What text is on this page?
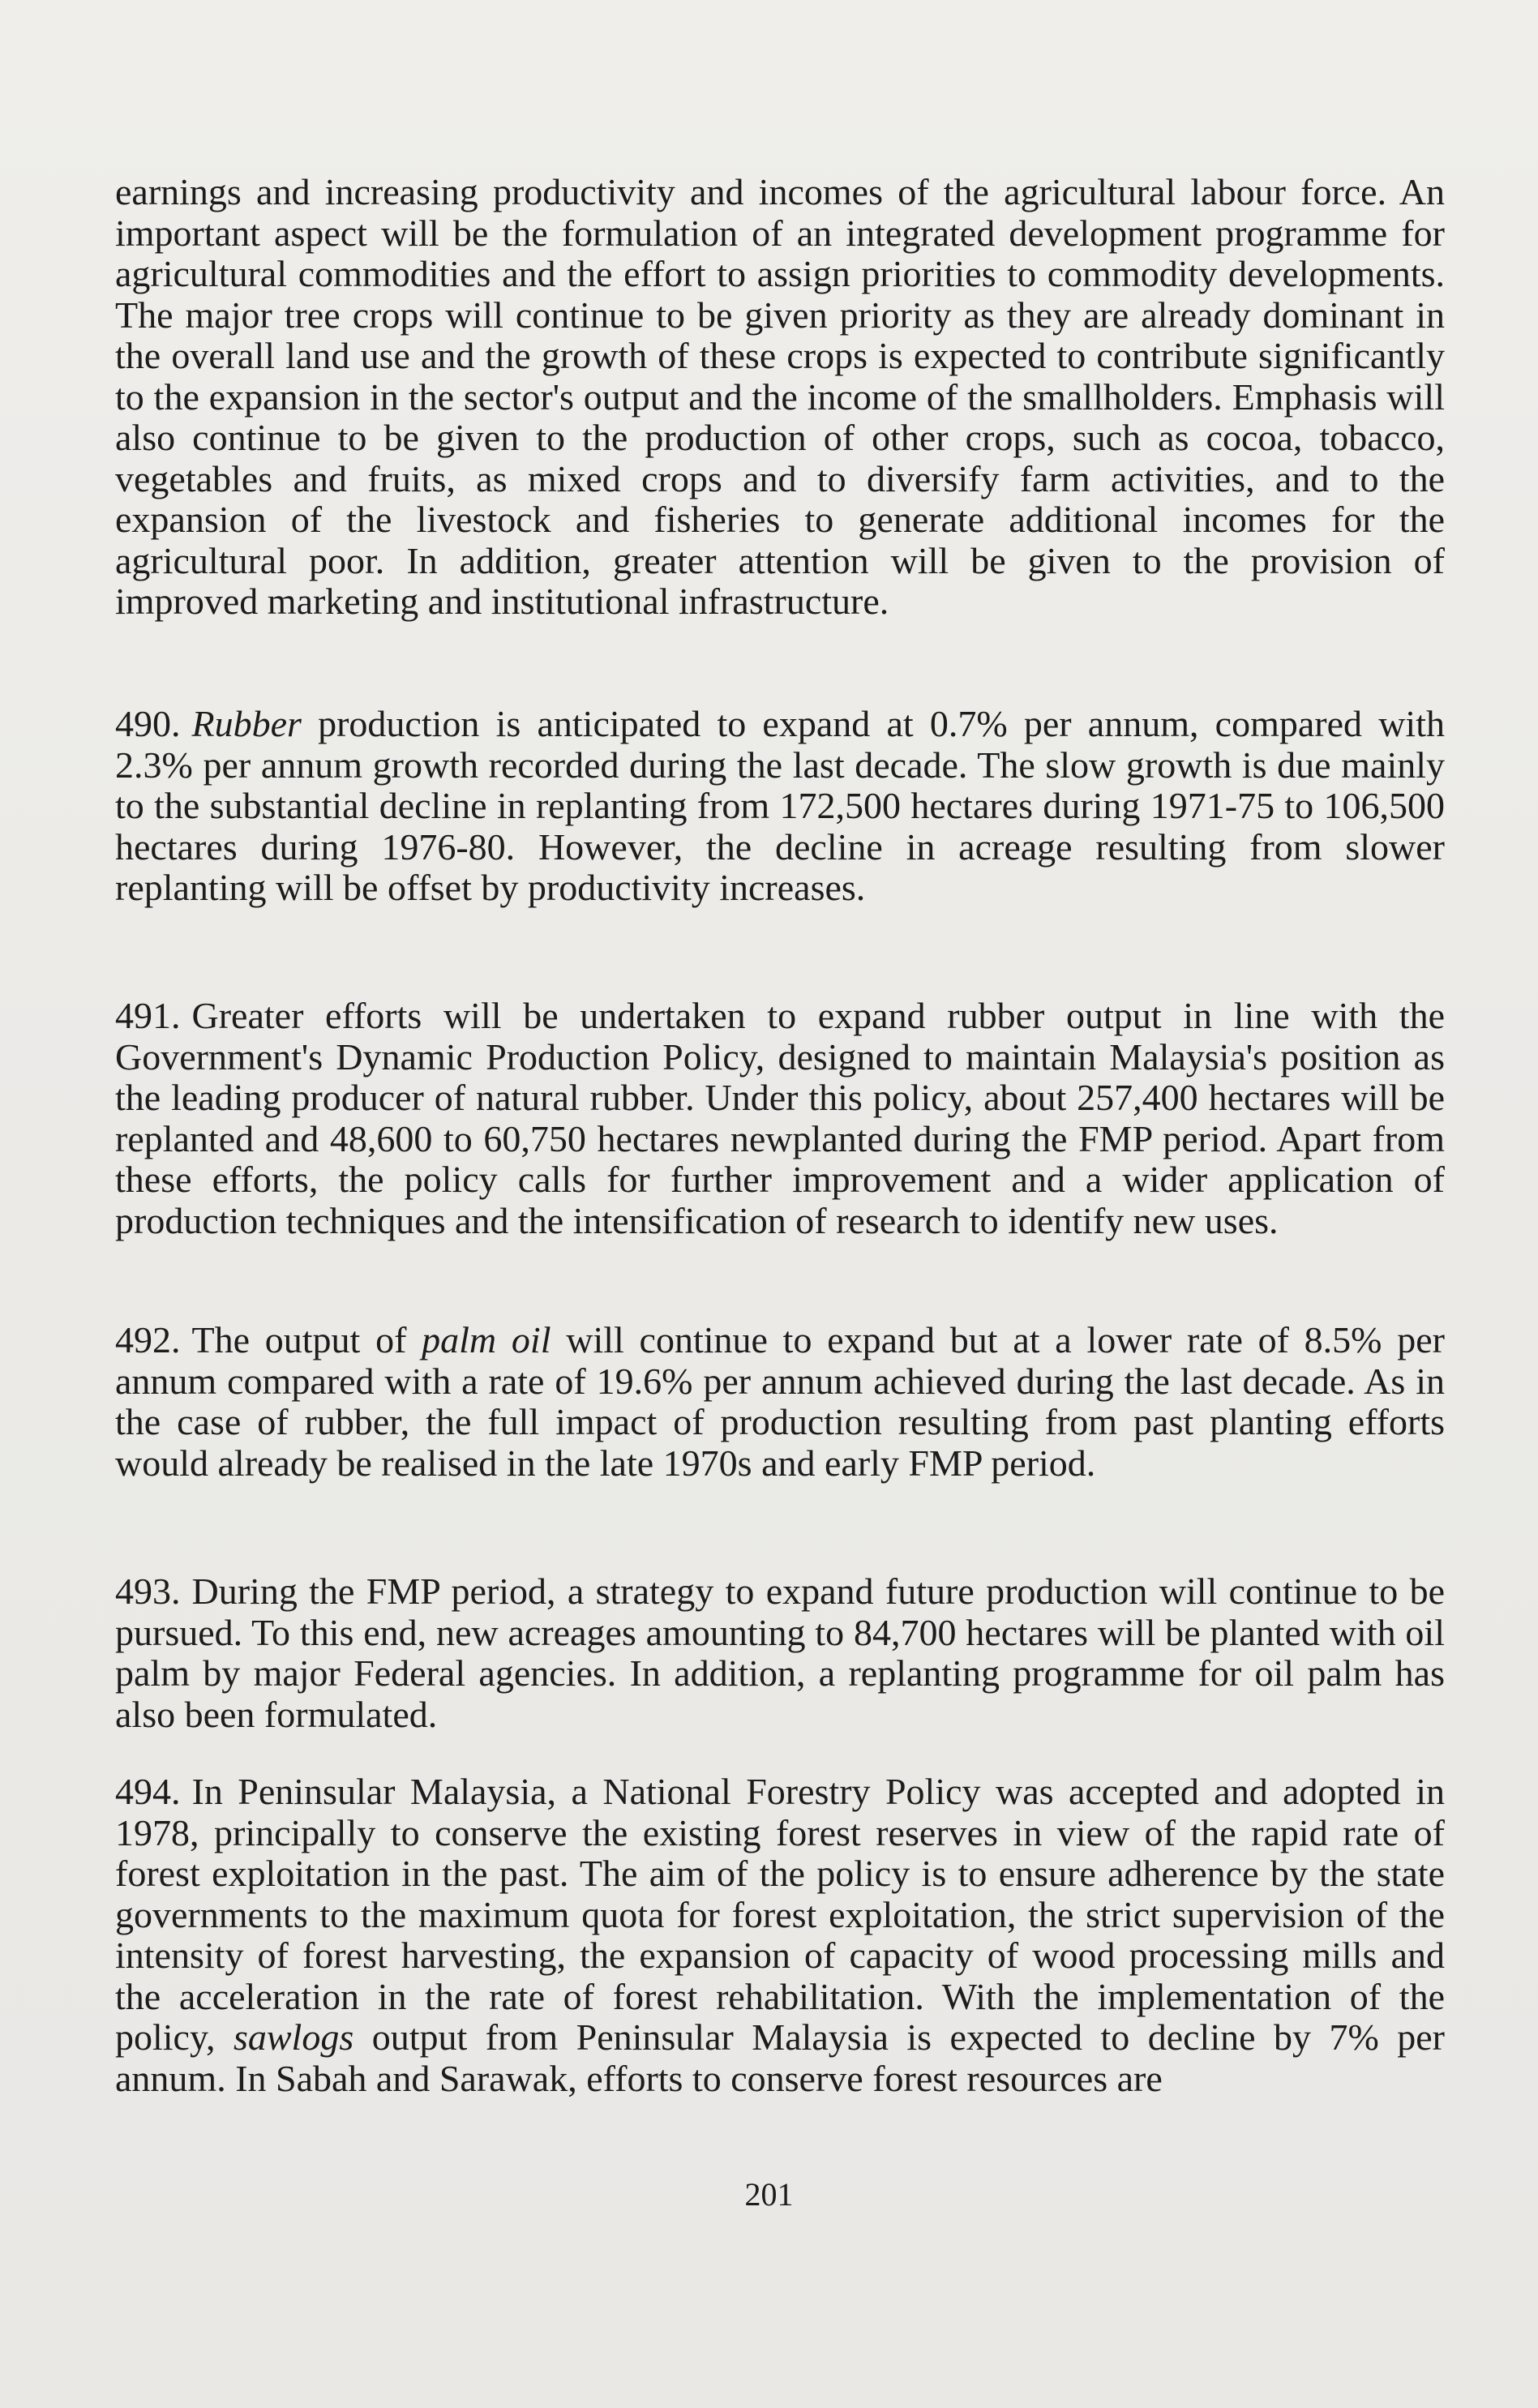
earnings and increasing productivity and incomes of the agricultural labour force. An important aspect will be the formulation of an integrated development programme for agricultural commodities and the effort to assign priorities to commodity developments. The major tree crops will continue to be given priority as they are already dominant in the overall land use and the growth of these crops is expected to contribute significantly to the expansion in the sector's output and the income of the smallholders. Emphasis will also continue to be given to the production of other crops, such as cocoa, tobacco, vegetables and fruits, as mixed crops and to diversify farm activities, and to the expansion of the livestock and fisheries to generate additional incomes for the agricultural poor. In addition, greater attention will be given to the provision of improved marketing and institutional infrastructure.

490. Rubber production is anticipated to expand at 0.7% per annum, compared with 2.3% per annum growth recorded during the last decade. The slow growth is due mainly to the substantial decline in replanting from 172,500 hectares during 1971-75 to 106,500 hectares during 1976-80. However, the decline in acreage resulting from slower replanting will be offset by productivity increases.

491. Greater efforts will be undertaken to expand rubber output in line with the Government's Dynamic Production Policy, designed to maintain Malaysia's position as the leading producer of natural rubber. Under this policy, about 257,400 hectares will be replanted and 48,600 to 60,750 hectares newplanted during the FMP period. Apart from these efforts, the policy calls for further improvement and a wider application of production techniques and the intensification of research to identify new uses.

492. The output of palm oil will continue to expand but at a lower rate of 8.5% per annum compared with a rate of 19.6% per annum achieved during the last decade. As in the case of rubber, the full impact of production resulting from past planting efforts would already be realised in the late 1970s and early FMP period.

493. During the FMP period, a strategy to expand future production will continue to be pursued. To this end, new acreages amounting to 84,700 hectares will be planted with oil palm by major Federal agencies. In addition, a replanting programme for oil palm has also been formulated.

494. In Peninsular Malaysia, a National Forestry Policy was accepted and adopted in 1978, principally to conserve the existing forest reserves in view of the rapid rate of forest exploitation in the past. The aim of the policy is to ensure adherence by the state governments to the maximum quota for forest exploitation, the strict supervision of the intensity of forest harvesting, the expansion of capacity of wood processing mills and the acceleration in the rate of forest rehabilitation. With the implementation of the policy, sawlogs output from Peninsular Malaysia is expected to decline by 7% per annum. In Sabah and Sarawak, efforts to conserve forest resources are

201
